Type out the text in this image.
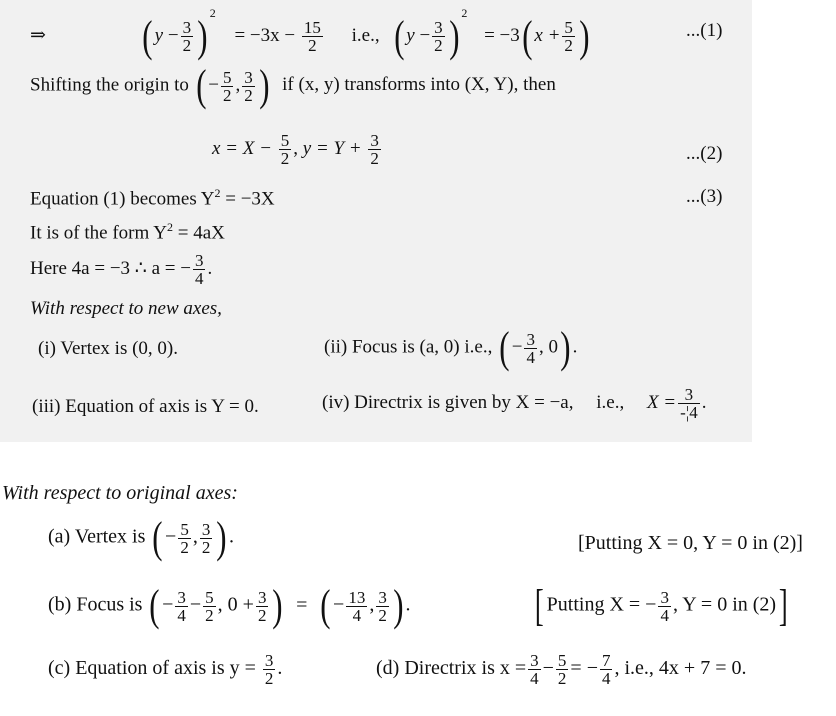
⇒ ( $y - \frac{3}{2}$ ) $^2 = -3x - \frac{15}{2} i.e$., ( $y - \frac{3}{2}$ ) $^2$ = −3( $x + \frac{5}{2}$ )	...(1)
Shifting the origin to ( − $\frac{5}{2}$ , $\frac{3}{2}$ ) if (x, y) transforms into (X, Y), then
$x = X - \frac{5}{2}$ , $y = Y + \frac{3}{2}$	...(2)
Equation (1) becomes $Y^2 = -3X$	...(3)
It is of the form $Y^2 = 4aX$
Here 4a = −3 ∴ a = − $\frac{3}{4}$ .
With respect to new axes,
(i) Vertex is (0, 0).	(ii) Focus is (a, 0) i.e., ( − $\frac{3}{4}$ , 0) .
(iii) Equation of axis is Y = 0.	(iv) Directrix is given by X = −a, i.e., $X = \frac{3}{-¦4}$ .
With respect to original axes:
(a) Vertex is ( − $\frac{5}{2}$ , $\frac{3}{2}$ ) .	[Putting X = 0, Y = 0 in (2)]
(b) Focus is ( − $\frac{3}{4} - \frac{5}{2}$ , $0 + \frac{3}{2}$ ) = ( − $\frac{13}{4}$ , $\frac{3}{2}$ ) .	[ Putting X = − $\frac{3}{4}$ , Y = 0 in (2)]
(c) Equation of axis is $y = \frac{3}{2}$ .	(d) Directrix is $x = \frac{3}{4} - \frac{5}{2}$ = − $\frac{7}{4}$ , i.e., 4x + 7 = 0.
